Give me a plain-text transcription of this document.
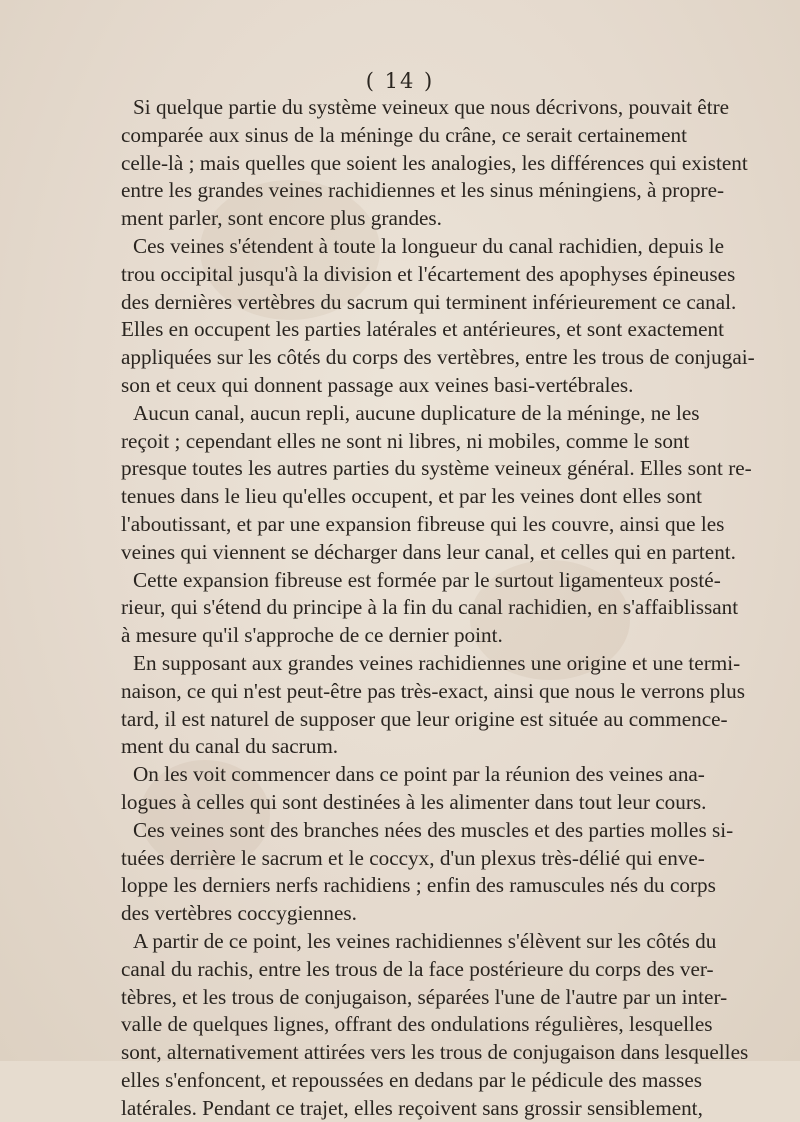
( 14 )
Si quelque partie du système veineux que nous décrivons, pouvait être
comparée aux sinus de la méninge du crâne, ce serait certainement
celle-là ; mais quelles que soient les analogies, les différences qui existent
entre les grandes veines rachidiennes et les sinus méningiens, à propre-
ment parler, sont encore plus grandes.
Ces veines s'étendent à toute la longueur du canal rachidien, depuis le
trou occipital jusqu'à la division et l'écartement des apophyses épineuses
des dernières vertèbres du sacrum qui terminent inférieurement ce canal.
Elles en occupent les parties latérales et antérieures, et sont exactement
appliquées sur les côtés du corps des vertèbres, entre les trous de conjugai-
son et ceux qui donnent passage aux veines basi-vertébrales.
Aucun canal, aucun repli, aucune duplicature de la méninge, ne les
reçoit ; cependant elles ne sont ni libres, ni mobiles, comme le sont
presque toutes les autres parties du système veineux général. Elles sont re-
tenues dans le lieu qu'elles occupent, et par les veines dont elles sont
l'aboutissant, et par une expansion fibreuse qui les couvre, ainsi que les
veines qui viennent se décharger dans leur canal, et celles qui en partent.
Cette expansion fibreuse est formée par le surtout ligamenteux posté-
rieur, qui s'étend du principe à la fin du canal rachidien, en s'affaiblissant
à mesure qu'il s'approche de ce dernier point.
En supposant aux grandes veines rachidiennes une origine et une termi-
naison, ce qui n'est peut-être pas très-exact, ainsi que nous le verrons plus
tard, il est naturel de supposer que leur origine est située au commence-
ment du canal du sacrum.
On les voit commencer dans ce point par la réunion des veines ana-
logues à celles qui sont destinées à les alimenter dans tout leur cours.
Ces veines sont des branches nées des muscles et des parties molles si-
tuées derrière le sacrum et le coccyx, d'un plexus très-délié qui enve-
loppe les derniers nerfs rachidiens ; enfin des ramuscules nés du corps
des vertèbres coccygiennes.
A partir de ce point, les veines rachidiennes s'élèvent sur les côtés du
canal du rachis, entre les trous de la face postérieure du corps des ver-
tèbres, et les trous de conjugaison, séparées l'une de l'autre par un inter-
valle de quelques lignes, offrant des ondulations régulières, lesquelles
sont, alternativement attirées vers les trous de conjugaison dans lesquelles
elles s'enfoncent, et repoussées en dedans par le pédicule des masses
latérales. Pendant ce trajet, elles reçoivent sans grossir sensiblement,
